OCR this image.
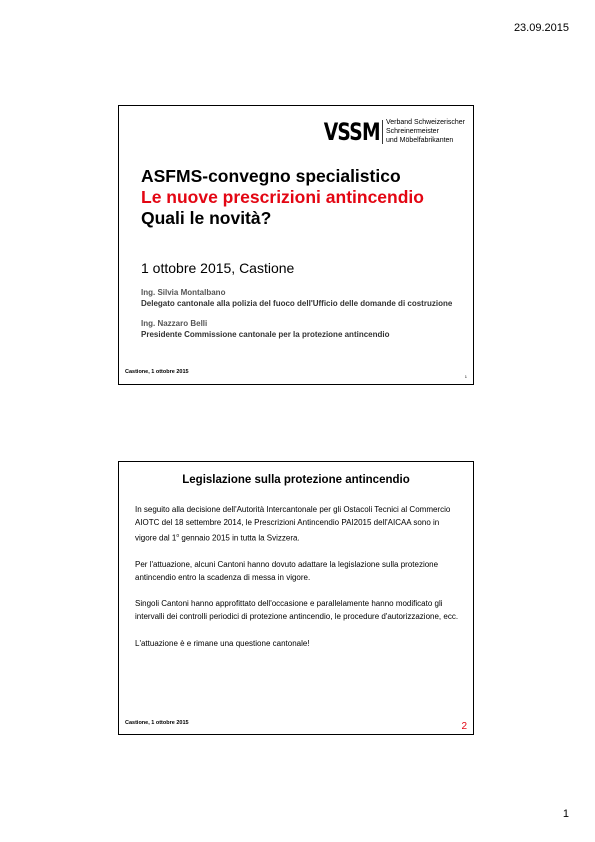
23.09.2015
VSSM Verband Schweizerischer
Schreinermeister
und Möbelfabrikanten
ASFMS-convegno specialistico
Le nuove prescrizioni antincendio
Quali le novità?
1 ottobre 2015, Castione
Ing. Silvia Montalbano
Delegato cantonale alla polizia del fuoco dell'Ufficio delle domande di costruzione
Ing. Nazzaro Belli
Presidente Commissione cantonale per la protezione antincendio
Castione, 1 ottobre 2015
1
Legislazione sulla protezione antincendio

In seguito alla decisione dell'Autorità Intercantonale per gli Ostacoli Tecnici al Commercio AIOTC del 18 settembre 2014, le Prescrizioni Antincendio PAI2015 dell'AICAA sono in vigore dal 1$^o$ gennaio 2015 in tutta la Svizzera.

Per l'attuazione, alcuni Cantoni hanno dovuto adattare la legislazione sulla protezione antincendio entro la scadenza di messa in vigore.

Singoli Cantoni hanno approfittato dell'occasione e parallelamente hanno modificato gli intervalli dei controlli periodici di protezione antincendio, le procedure d'autorizzazione, ecc.

L'attuazione è e rimane una questione cantonale!

Castione, 1 ottobre 2015	2
1
